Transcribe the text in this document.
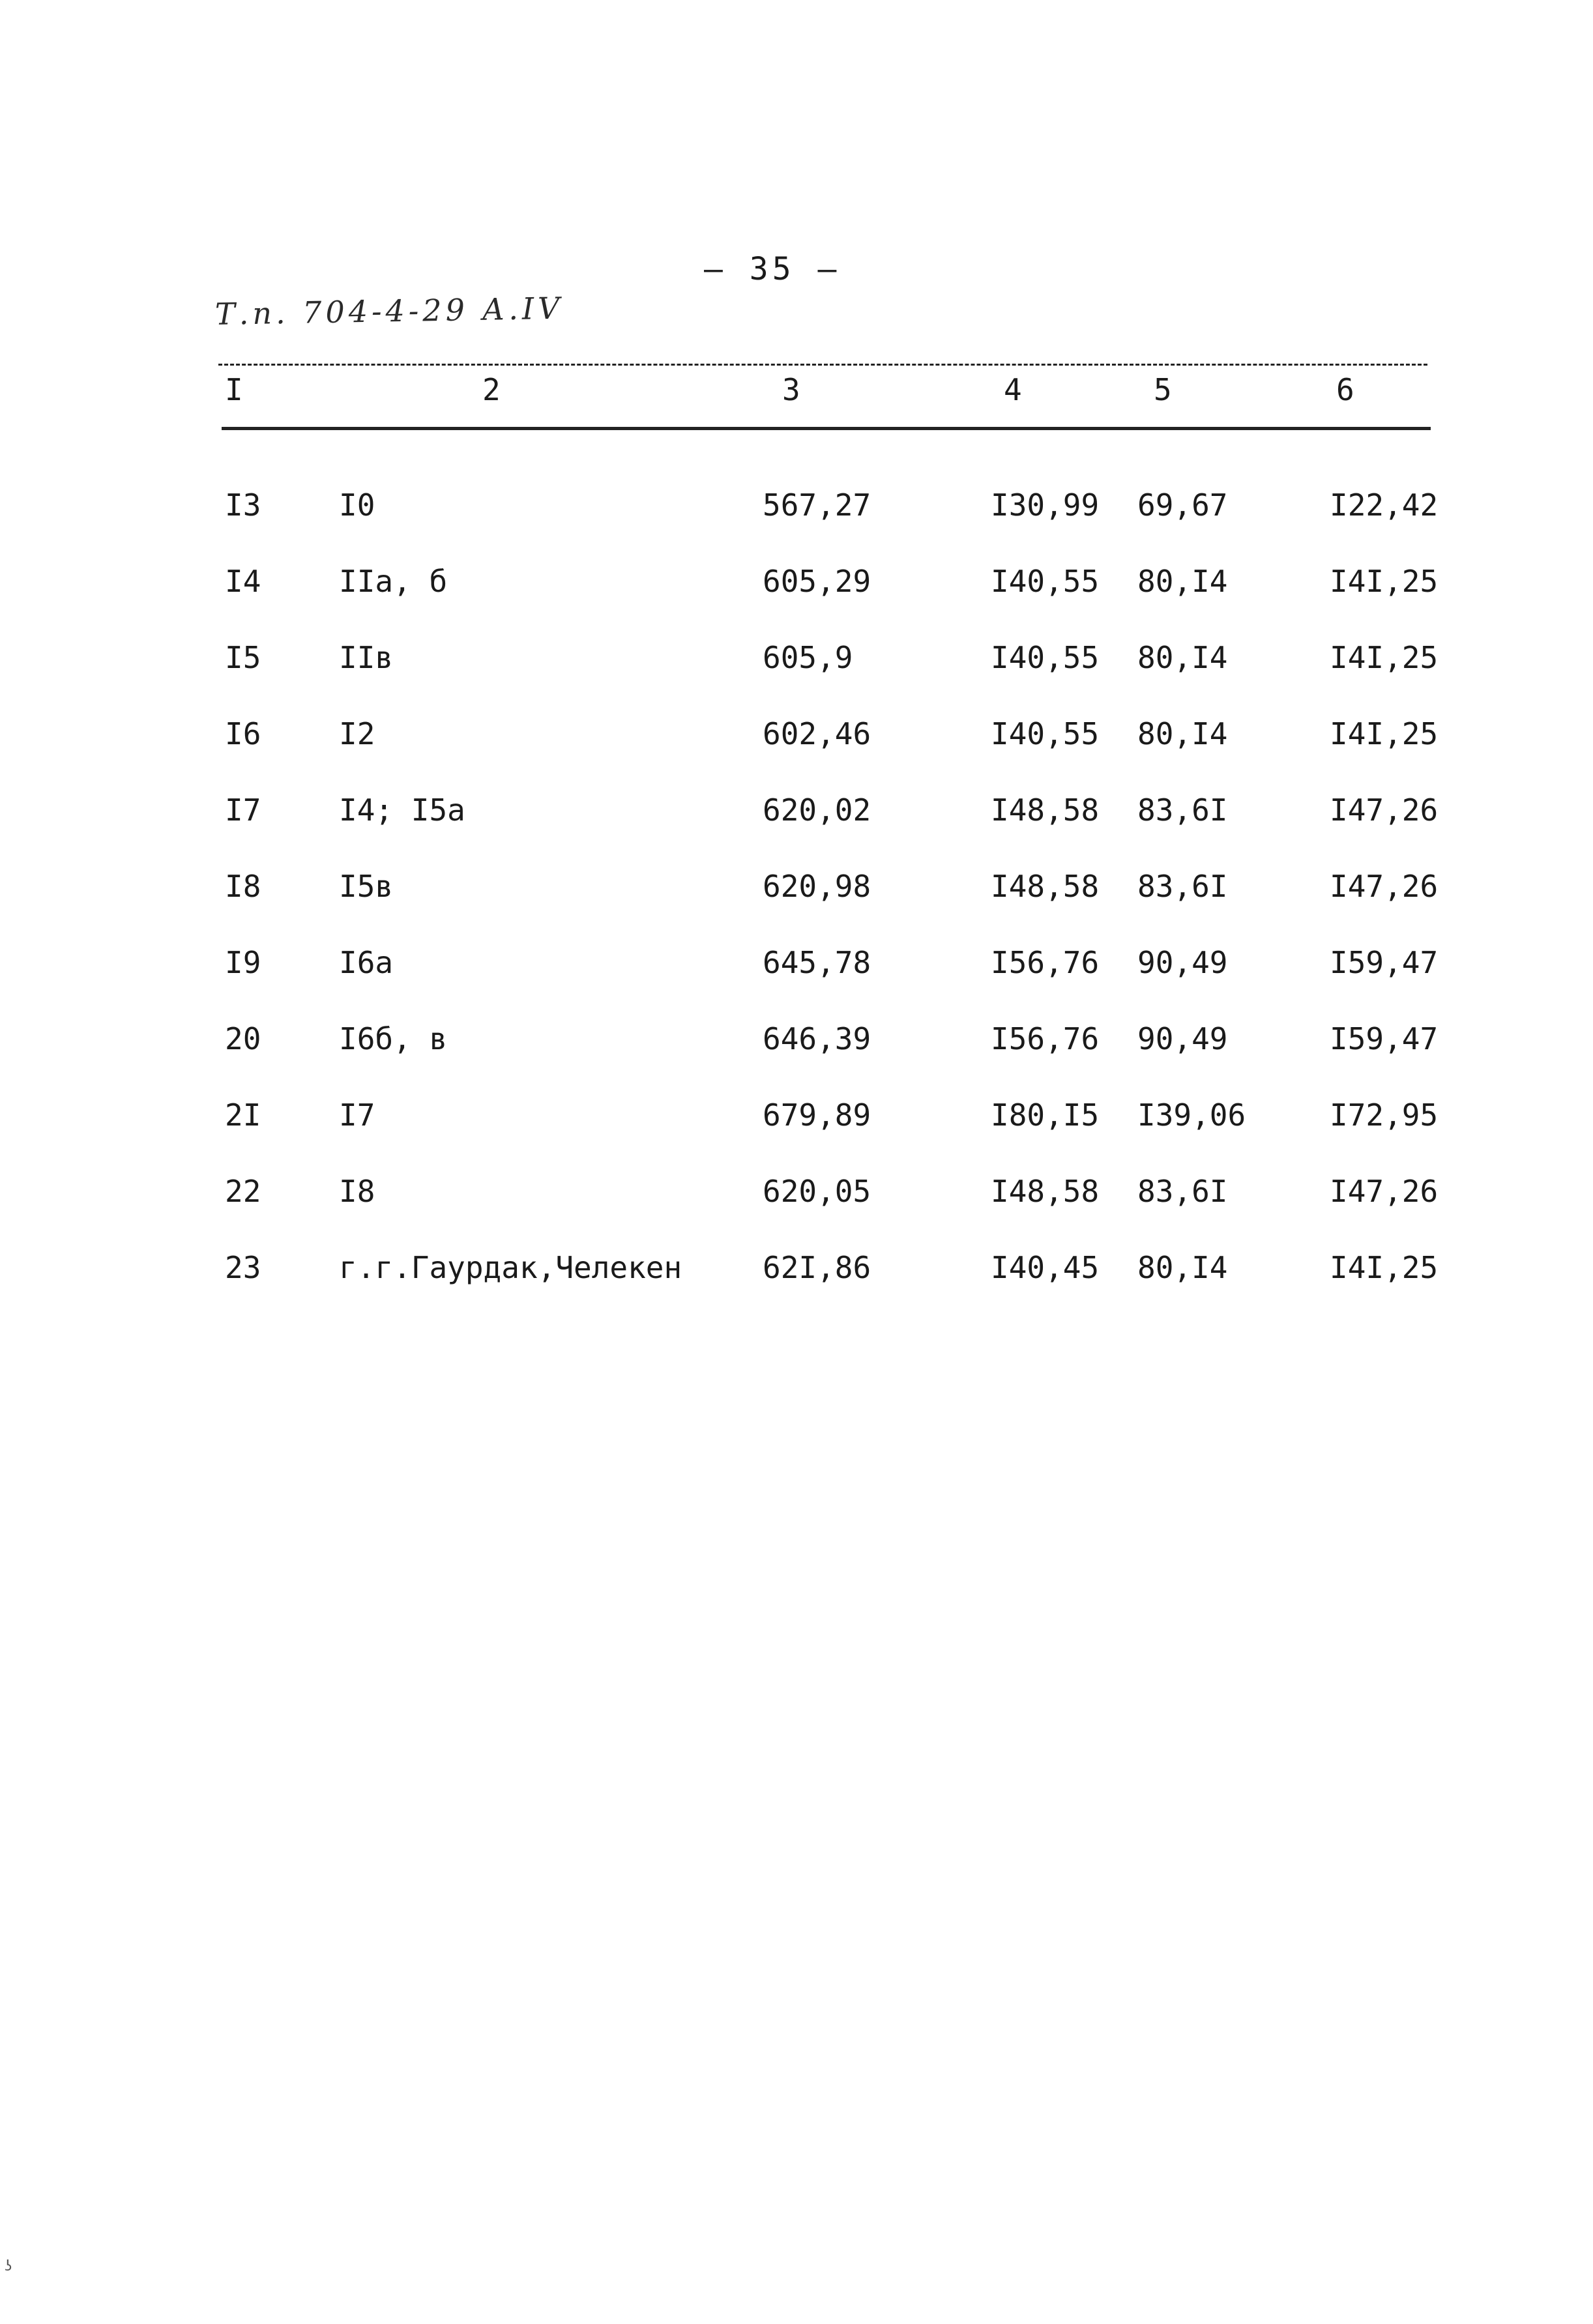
– 35 –
Т.п. 704-4-29 А.IV
I	2	3	4	5	6
I3	I0	567,27	I30,99 69,67	I22,42
I4	IIa, б	605,29	I40,55 80,I4	I4I,25
I5	IIв	605,9	I40,55 80,I4	I4I,25
I6	I2	602,46	I40,55 80,I4	I4I,25
I7	I4; I5a	620,02	I48,58 83,6I	I47,26
I8	I5в	620,98	I48,58 83,6I	I47,26
I9	I6a	645,78	I56,76 90,49	I59,47
20	I6б, в	646,39	I56,76 90,49	I59,47
2I	I7	679,89	I80,I5 I39,06	I72,95
22	I8	620,05	I48,58 83,6I	I47,26
23	г.г.Гаурдак,Челекен	62I,86	I40,45 80,I4	I4I,25
ʖ
